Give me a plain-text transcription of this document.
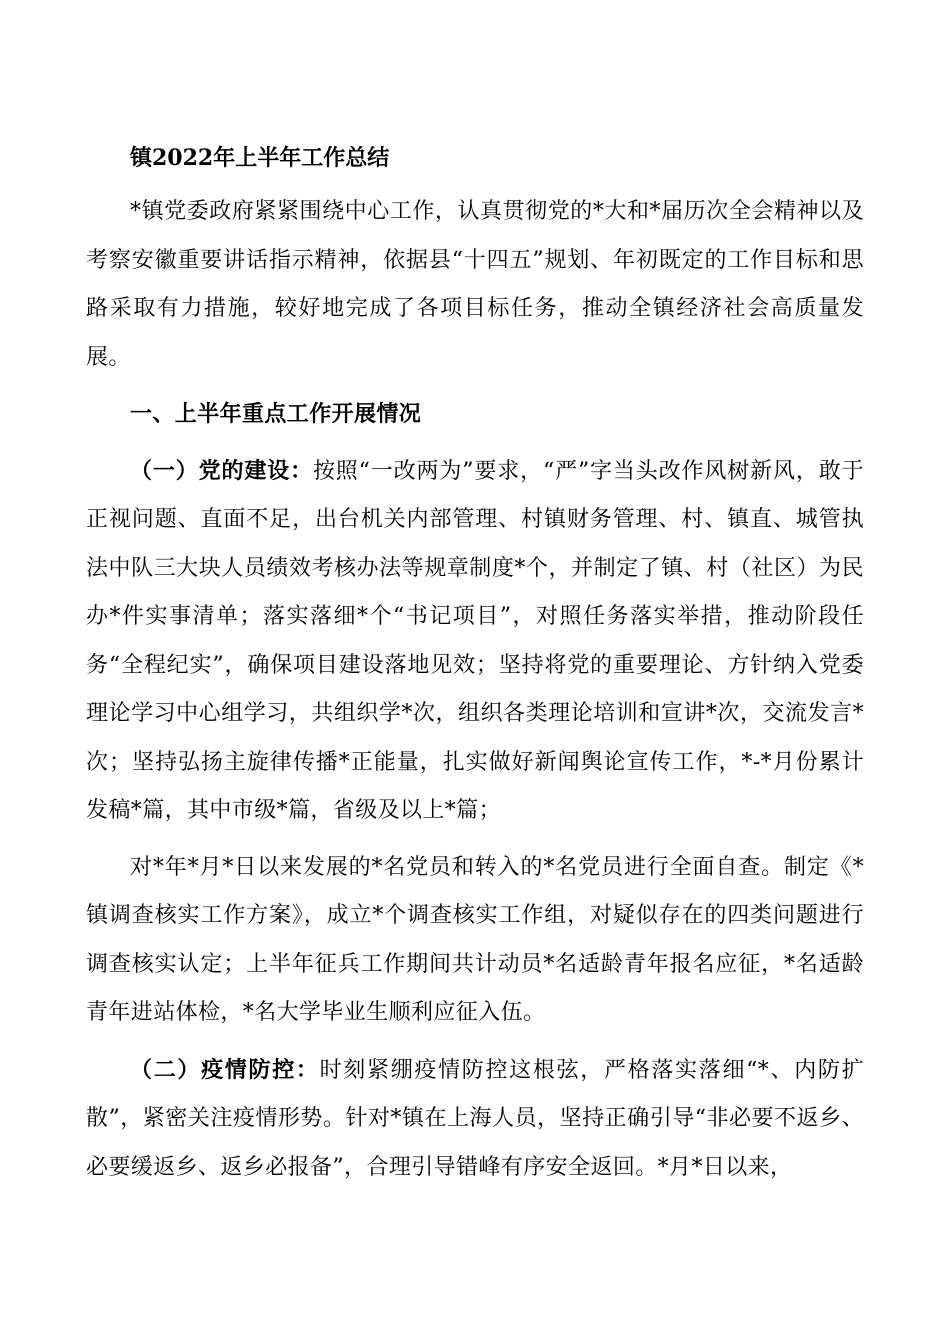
镇2022年上半年工作总结

*镇党委政府紧紧围绕中心工作，认真贯彻党的*大和*届历次全会精神以及考察安徽重要讲话指示精神，依据县“十四五”规划、年初既定的工作目标和思路采取有力措施，较好地完成了各项目标任务，推动全镇经济社会高质量发展。

一、上半年重点工作开展情况

（一）党的建设：按照“一改两为”要求，“严”字当头改作风树新风，敢于正视问题、直面不足，出台机关内部管理、村镇财务管理、村、镇直、城管执法中队三大块人员绩效考核办法等规章制度*个，并制定了镇、村（社区）为民办*件实事清单；落实落细*个“书记项目”，对照任务落实举措，推动阶段任务“全程纪实”，确保项目建设落地见效；坚持将党的重要理论、方针纳入党委理论学习中心组学习，共组织学*次，组织各类理论培训和宣讲*次，交流发言*次；坚持弘扬主旋律传播*正能量，扎实做好新闻舆论宣传工作，*-*月份累计发稿*篇，其中市级*篇，省级及以上*篇；

对*年*月*日以来发展的*名党员和转入的*名党员进行全面自查。制定《*镇调查核实工作方案》，成立*个调查核实工作组，对疑似存在的四类问题进行调查核实认定；上半年征兵工作期间共计动员*名适龄青年报名应征，*名适龄青年进站体检，*名大学毕业生顺利应征入伍。

（二）疫情防控：时刻紧绷疫情防控这根弦，严格落实落细“*、内防扩散”，紧密关注疫情形势。针对*镇在上海人员，坚持正确引导“非必要不返乡、必要缓返乡、返乡必报备”，合理引导错峰有序安全返回。*月*日以来，
